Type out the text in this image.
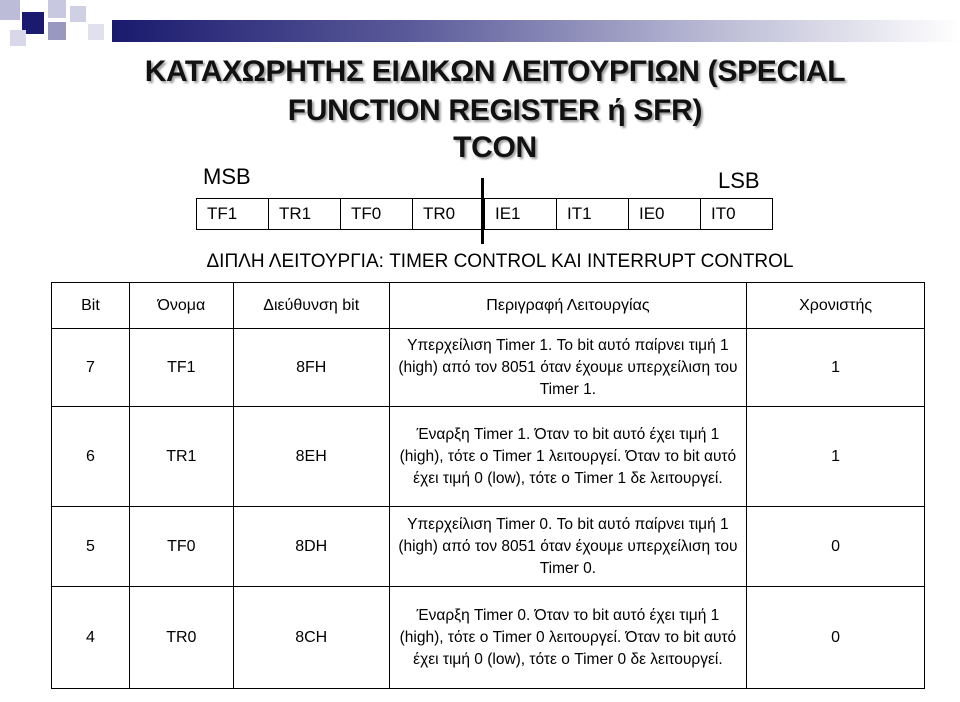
ΚΑΤΑΧΩΡΗΤΗΣ ΕΙΔΙΚΩΝ ΛΕΙΤΟΥΡΓΙΩΝ (SPECIAL
FUNCTION REGISTER ή SFR)
TCON
MSB	LSB
TF1	TR1	TF0	TR0	IE1	IT1	IE0	IT0
ΔΙΠΛΗ ΛΕΙΤΟΥΡΓΙΑ: TIMER CONTROL ΚΑΙ INTERRUPT CONTROL
Bit	Όνομα	Διεύθυνση bit	Περιγραφή Λειτουργίας	Χρονιστής
7	TF1	8FH	Υπερχείλιση Timer 1. Το bit αυτό παίρνει τιμή 1 (high) από τον 8051 όταν έχουμε υπερχείλιση του Timer 1.	1
6	TR1	8EH	Έναρξη Timer 1. Όταν το bit αυτό έχει τιμή 1 (high), τότε ο Timer 1 λειτουργεί. Όταν το bit αυτό έχει τιμή 0 (low), τότε ο Timer 1 δε λειτουργεί.	1
5	TF0	8DH	Υπερχείλιση Timer 0. Το bit αυτό παίρνει τιμή 1 (high) από τον 8051 όταν έχουμε υπερχείλιση του Timer 0.	0
4	TR0	8CH	Έναρξη Timer 0. Όταν το bit αυτό έχει τιμή 1 (high), τότε ο Timer 0 λειτουργεί. Όταν το bit αυτό έχει τιμή 0 (low), τότε ο Timer 0 δε λειτουργεί.	0
